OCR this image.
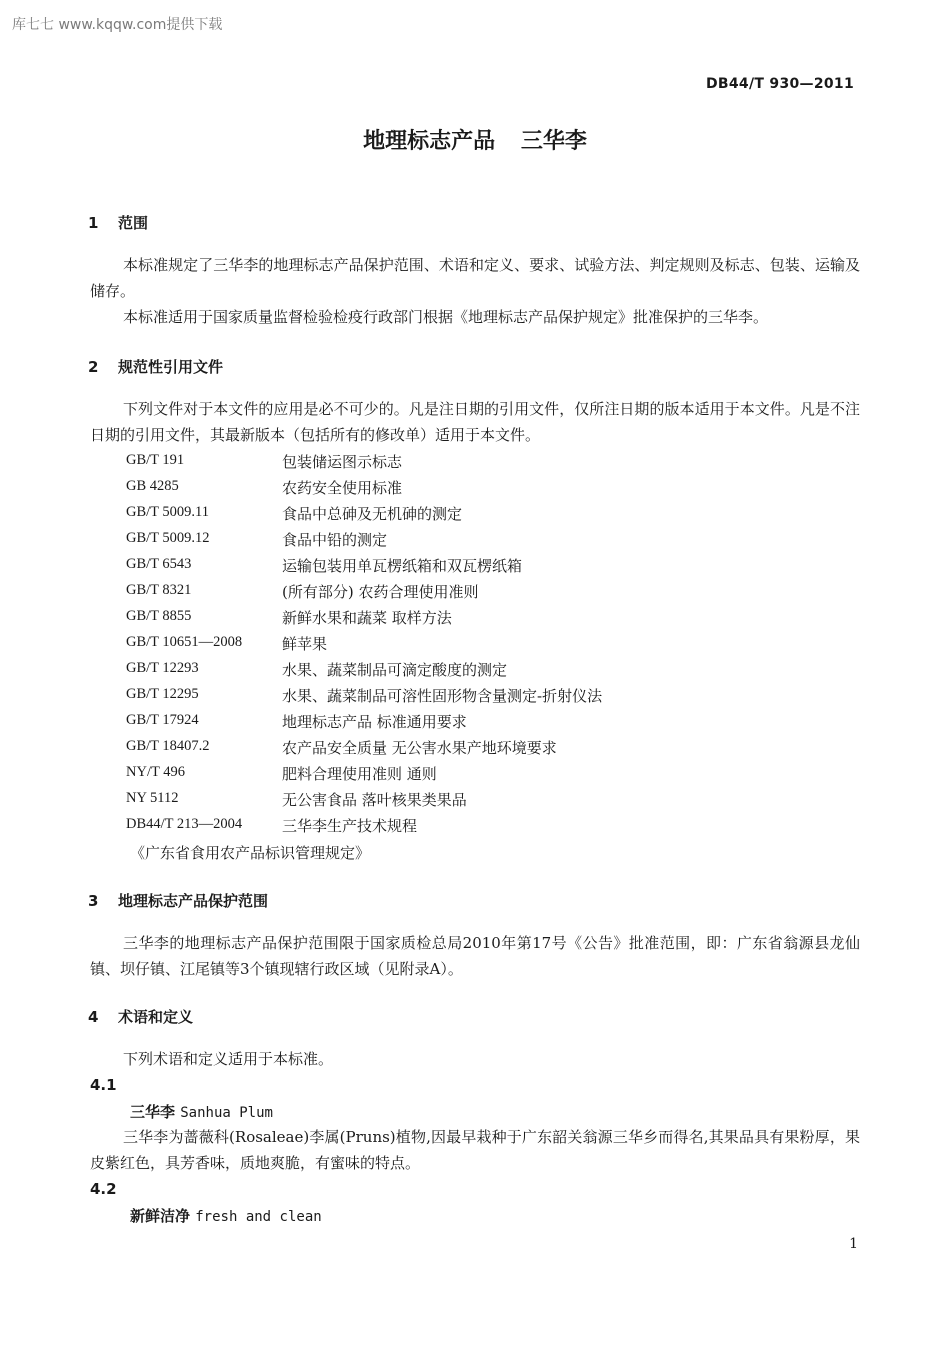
库七七 www.kqqw.com提供下载
DB44/T 930—2011
地理标志产品 三华李
1 范围
本标准规定了三华李的地理标志产品保护范围、术语和定义、要求、试验方法、判定规则及标志、包装、运输及储存。
本标准适用于国家质量监督检验检疫行政部门根据《地理标志产品保护规定》批准保护的三华李。
2 规范性引用文件
下列文件对于本文件的应用是必不可少的。凡是注日期的引用文件，仅所注日期的版本适用于本文件。凡是不注日期的引用文件，其最新版本（包括所有的修改单）适用于本文件。
GB/T 191	包装储运图示标志
GB 4285	农药安全使用标准
GB/T 5009.11	食品中总砷及无机砷的测定
GB/T 5009.12	食品中铅的测定
GB/T 6543	运输包装用单瓦楞纸箱和双瓦楞纸箱
GB/T 8321	(所有部分) 农药合理使用准则
GB/T 8855	新鲜水果和蔬菜 取样方法
GB/T 10651—2008	鲜苹果
GB/T 12293	水果、蔬菜制品可滴定酸度的测定
GB/T 12295	水果、蔬菜制品可溶性固形物含量测定-折射仪法
GB/T 17924	地理标志产品 标准通用要求
GB/T 18407.2	农产品安全质量 无公害水果产地环境要求
NY/T 496	肥料合理使用准则 通则
NY 5112	无公害食品 落叶核果类果品
DB44/T 213—2004	三华李生产技术规程
《广东省食用农产品标识管理规定》
3 地理标志产品保护范围
三华李的地理标志产品保护范围限于国家质检总局2010年第17号《公告》批准范围，即：广东省翁源县龙仙镇、坝仔镇、江尾镇等3个镇现辖行政区域（见附录A）。
4 术语和定义
下列术语和定义适用于本标准。
4.1
三华李 Sanhua Plum
三华李为蔷薇科(Rosaleae)李属(Pruns)植物,因最早栽种于广东韶关翁源三华乡而得名,其果品具有果粉厚，果皮紫红色，具芳香味，质地爽脆，有蜜味的特点。
4.2
新鲜洁净 fresh and clean
1
